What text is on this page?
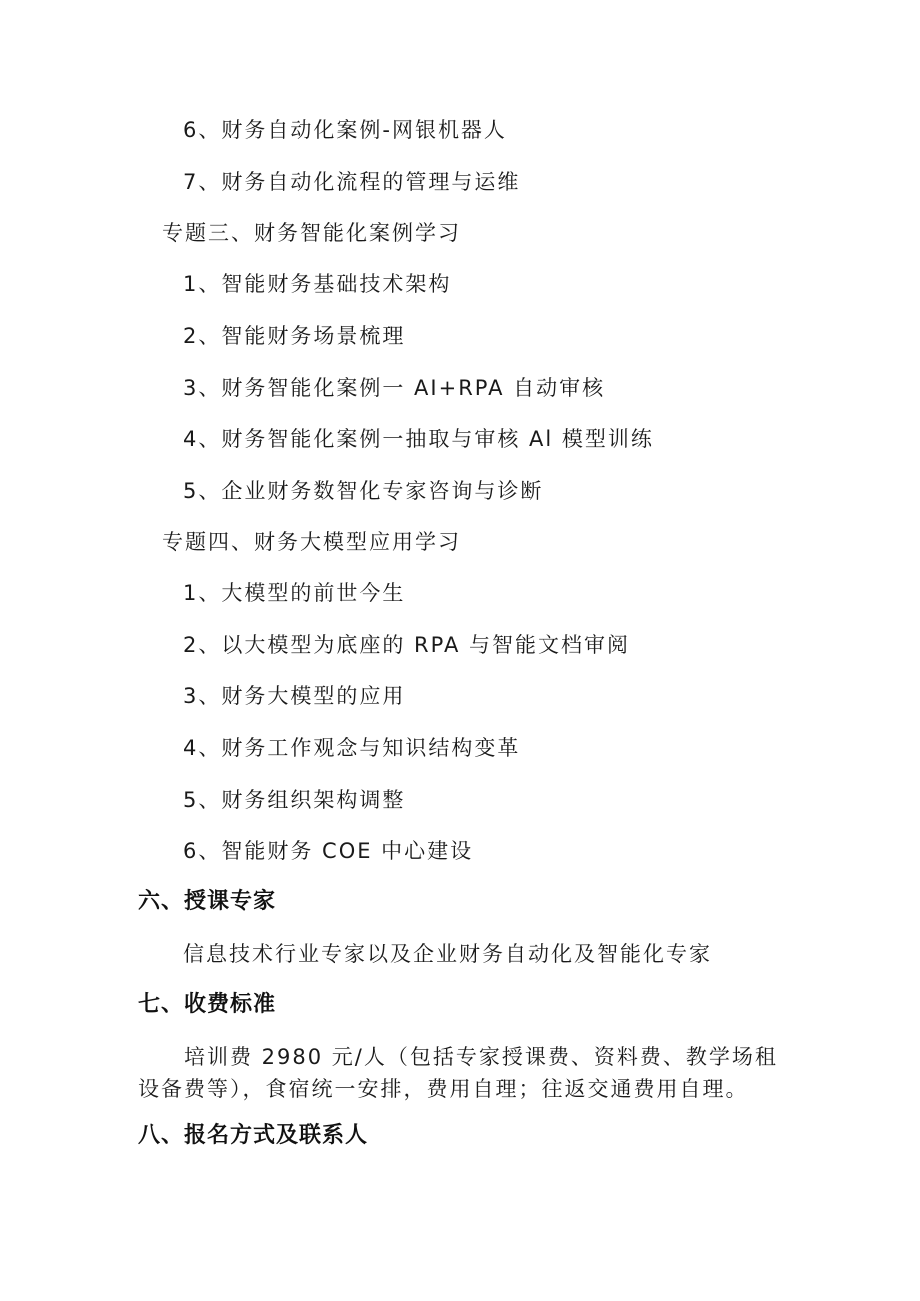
6、财务自动化案例-网银机器人
7、财务自动化流程的管理与运维
专题三、财务智能化案例学习
1、智能财务基础技术架构
2、智能财务场景梳理
3、财务智能化案例一 AI+RPA 自动审核
4、财务智能化案例一抽取与审核 Al 模型训练
5、企业财务数智化专家咨询与诊断
专题四、财务大模型应用学习
1、大模型的前世今生
2、以大模型为底座的 RPA 与智能文档审阅
3、财务大模型的应用
4、财务工作观念与知识结构变革
5、财务组织架构调整
6、智能财务 COE 中心建设
六、授课专家
信息技术行业专家以及企业财务自动化及智能化专家
七、收费标准
培训费 2980 元/人（包括专家授课费、资料费、教学场租设备费等），食宿统一安排，费用自理；往返交通费用自理。
八、报名方式及联系人
